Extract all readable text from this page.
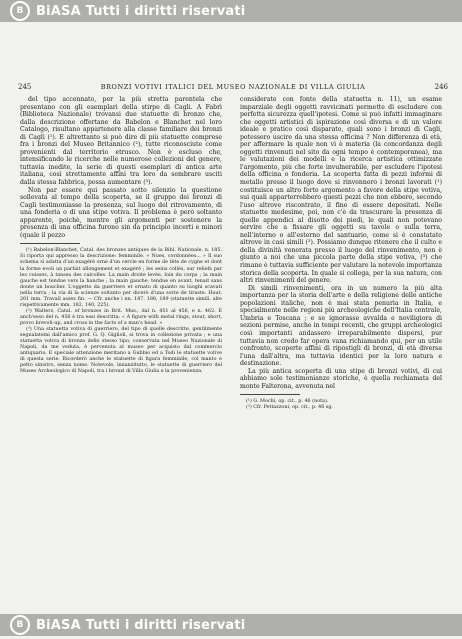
B BiASA Tutti i diritti riservati
245	BRONZI VOTIVI ITALICI DEL MUSEO NAZIONALE DI VILLA GIULIA	246

del tipo accennato, per la più stretta parentela che presentano con gli esemplari della stirpe di Cagli. A Fabrì (Biblioteca Nazionale) trovansi due statuette di bronzo che, dalla descrizione offertane da Babelon e Blanchet nel loro Catalogo, risultano appartenere alla classe familiare dei bronzi di Cagli (¹). E altrettanto si può dire di più statuette comprese fra i bronzi del Museo Britannico (²), tutte riconosciute come provenienti dal territorio etrusco. Non è escluso che, intensificando le ricerche nelle numerose collezioni del genere, tuttavia inedite, la serie di questi esemplari di antica arte italiana, così strettamente affini tra loro da sembrare usciti dalla stessa fabbrica, possa aumentare (³).

Non par essere qui passato sotto silenzio la questione sollevata al tempo della scoperta, se il gruppo dei bronzi di Cagli testimoniasse la presenza, sul luogo del ritrovamento, di una fonderia o di una stipe votiva. Il problema è però soltanto apparente, poichè, mentre gli argomenti per sostenere la presenza di una officina furono sin da principio incerti e minori (quale il pezzo

(¹) Babelon-Blanchet, Catal. des bronzes antiques de la Bibl. Nationale, n. 185. Si riporta qui appresso la descrizione: femminile. « Nues, cordonnées... » Il suo schema si adatta d'un exagéré orné d'un cercle en forme de tête de cygne et dont la forme evoli un parfait allongement et exagéré ; les seins collés, sur reliefs par les cuisses, à tanses des calcolles. La main droite levée, loin du corps ; la main gauche est tendue vers la hanche ; la main gauche, tendue en avant, tenait sans doute un bouclier. L'oggetto da guerriero et ornato di quanto su luoghi scavati nella terra ; la via di la scienze soltanto per dicerò d'una sorte de tiraste. Haut. 201 mm. Travail assez fin. — Cfr. anche i nn. 187, 188, 189 (statuette simili, alte rispettivamente mm. 182, 140, 225).

(²) Walters, Catal. of bronzes in Brit. Mus., dal n. 451 al 456, e n. 462. È anch'esso del n. 456 è tra essi descritta: « A figure with metal rings, stout, short, provo brevoli-up, and cross in the facts of a man's head. »

(³) Una statuetta votiva di guerriero, del tipo di quelle descritte, gentilmente segnalatemi dall'amico prof. G. Q. Giglioli, si trova in collezione privata ; e una statuetta votiva di bronzo dello stesso tipo, conservata nel Museo Nazionale di Napoli, da me veduta, è pervenuta al museo per acquisto dal commercio antiquario. E speciale attenzione meritano a Gubbio ed a Todi le statuette votive di questa serie. Ricorderò anche le statuette di figura femminile, col manto e petto sinistro, senza nome. Notevole, innanzitutto, le statuette di guerriero del Museo Archeologico di Napoli, tra i bronzi di Villa Giulia e la provenienza.

considerate con fonte della statuetta n. 11), un esame imparziale degli oggetti ravvicinati permette di escludere con perfetta sicurezza quell'ipotesi. Come si può infatti immaginare che oggetti artistici di ispirazione così diversa e di un valore ideale e pratico così disparato, quali sono i bronzi di Cagli, potessero uscire da una stessa officina ? Non differenza di età, per affermare la quale non vi è materia (la concordanza degli oggetti rinvenuti nel sito da ogni tempo è contemporanea), ma le valutazioni dei modelli e la ricerca artistica ottimizzate l'argomento, più che forte invulnerabile, per escludere l'ipotesi della officina o fonderia. La scoperta fatta di pezzi informi di metallo presso il luogo dove si rinvennero i bronzi lavorati (¹) costituisce un altro forte argomento a favore della stipe votiva, sui quali apparterrebbero questi pezzi che non ebbero, secondo l'uso altrove riscontrato, il fine di essere depositati. Nelle statuette medesime, poi, non c'è da trascurare la presenza di quelle appendici al disotto dei piedi, le quali non potevano servire che a fissare gli oggetti su tavole o sulla terra, nell'interno o all'esterno del santuario, come si è constatato altrove in casi simili (²). Possiamo dunque ritenere che il culto e della divinità venerata presso il luogo del rinvenimento, non è giunto a noi che una piccola parte della stipe votiva, (³) che rimane è tuttavia sufficiente per valutare la notevole importanza storica della scoperta. In quale si collega, per la sua natura, con altri rinvenimenti del genere.

Di simili rinvenimenti, ora in un numero la più alta importanza per la storia dell'arte e della religione delle antiche popolazioni italiche, non è mai stata penuria in Italia, e specialmente nelle regioni più archeologiche dell'Italia centrale, Umbria e Toscana ; e se ignorasse avvalda e noviligiora di sezioni permise, anche in tempi recenti, che gruppi archeologici così importanti andassero irreparabilmente dispersi, pur tuttavia non credo far opera vana richiamando qui, per un utile confronto, scoperte affini di ripostigli di bronzi, di età diversa l'una dall'altra, ma tuttavia identici per la loro natura e destinazione.

La più antica scoperta di una stipe di bronzi votivi, di cui abbiamo sole testimonianze storiche, è quella rechiamata del monte Falterona, avvenuta nel

(¹) G. Mochi, op. cit., p. 46 (nota).

(²) Cfr. Pettazzoni, op. cit., p. 46 sg.

B BiASA Tutti i diritti riservati
